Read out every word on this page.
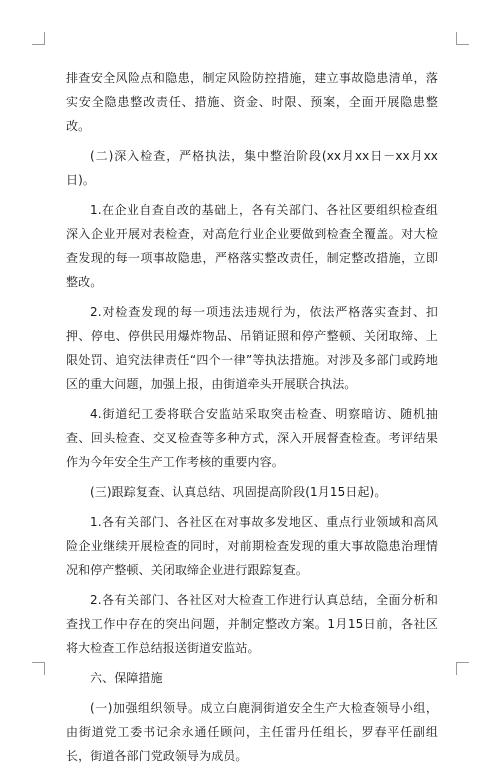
排查安全风险点和隐患，制定风险防控措施，建立事故隐患清单，落实安全隐患整改责任、措施、资金、时限、预案，全面开展隐患整改。

(二)深入检查，严格执法，集中整治阶段(xx月xx日－xx月xx日)。

1.在企业自查自改的基础上，各有关部门、各社区要组织检查组深入企业开展对表检查，对高危行业企业要做到检查全覆盖。对大检查发现的每一项事故隐患，严格落实整改责任，制定整改措施，立即整改。

2.对检查发现的每一项违法违规行为，依法严格落实查封、扣押、停电、停供民用爆炸物品、吊销证照和停产整顿、关闭取缔、上限处罚、追究法律责任“四个一律”等执法措施。对涉及多部门或跨地区的重大问题，加强上报，由街道牵头开展联合执法。

4.街道纪工委将联合安监站采取突击检查、明察暗访、随机抽查、回头检查、交叉检查等多种方式，深入开展督查检查。考评结果作为今年安全生产工作考核的重要内容。

(三)跟踪复查、认真总结、巩固提高阶段(1月15日起)。

1.各有关部门、各社区在对事故多发地区、重点行业领域和高风险企业继续开展检查的同时，对前期检查发现的重大事故隐患治理情况和停产整顿、关闭取缔企业进行跟踪复查。

2.各有关部门、各社区对大检查工作进行认真总结，全面分析和查找工作中存在的突出问题，并制定整改方案。1月15日前，各社区将大检查工作总结报送街道安监站。

六、保障措施

(一)加强组织领导。成立白鹿洞街道安全生产大检查领导小组，由街道党工委书记余永通任顾问，主任雷丹任组长，罗春平任副组长，街道各部门党政领导为成员。
